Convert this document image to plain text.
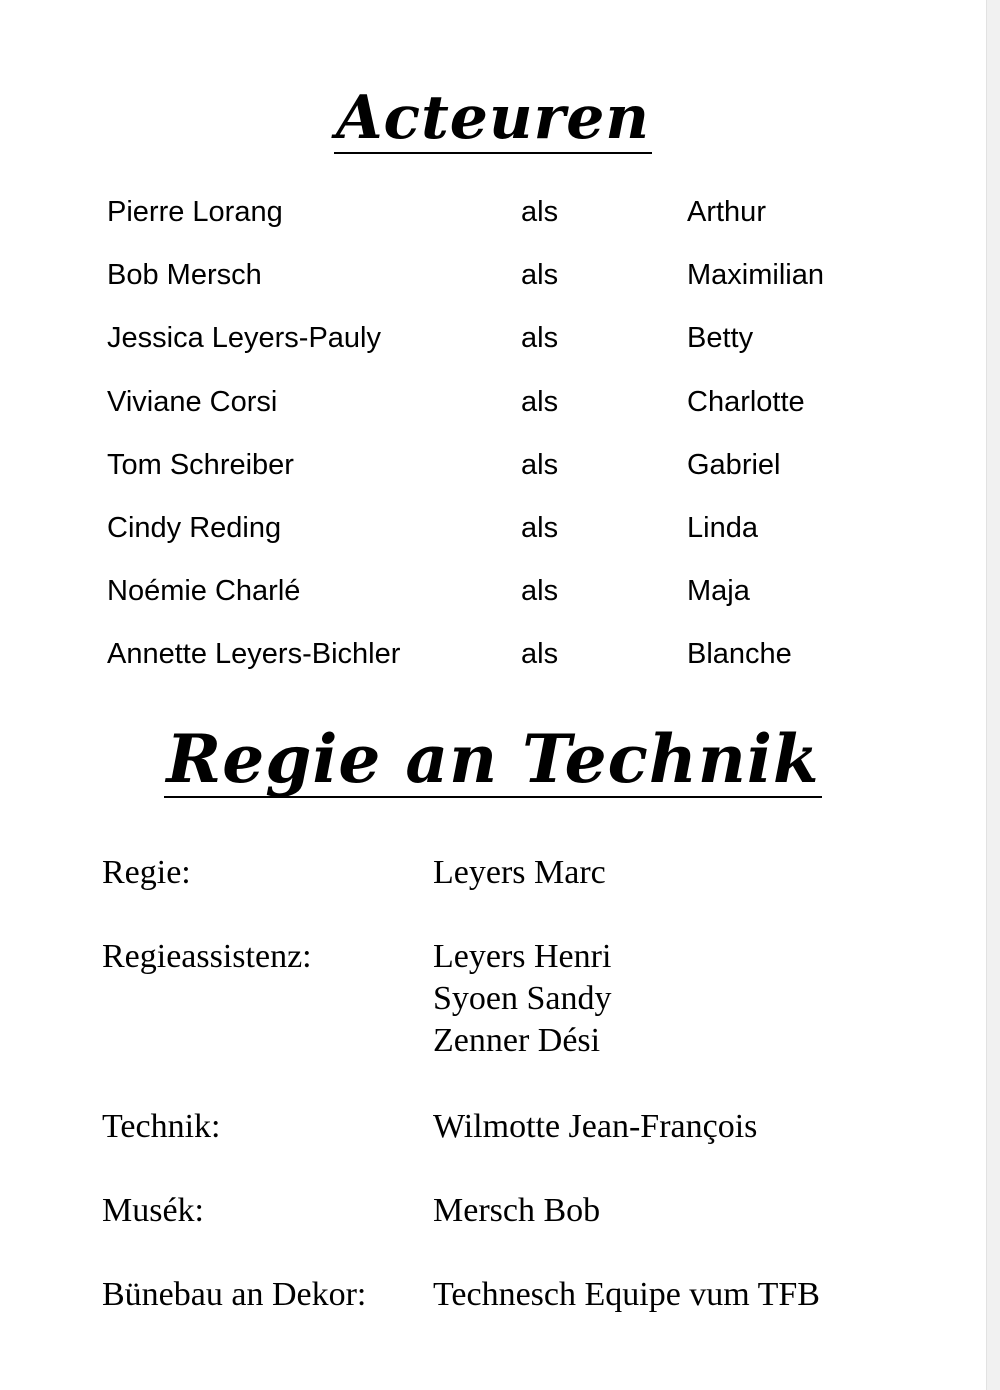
Acteuren
Pierre Lorang	als	Arthur
Bob Mersch	als	Maximilian
Jessica Leyers-Pauly	als	Betty
Viviane Corsi	als	Charlotte
Tom Schreiber	als	Gabriel
Cindy Reding	als	Linda
Noémie Charlé	als	Maja
Annette Leyers-Bichler	als	Blanche
Regie an Technik
Regie:	Leyers Marc
Regieassistenz:	Leyers Henri
Syoen Sandy
Zenner Dési
Technik:	Wilmotte Jean-François
Musék:	Mersch Bob
Bünebau an Dekor: Technesch Equipe vum TFB
